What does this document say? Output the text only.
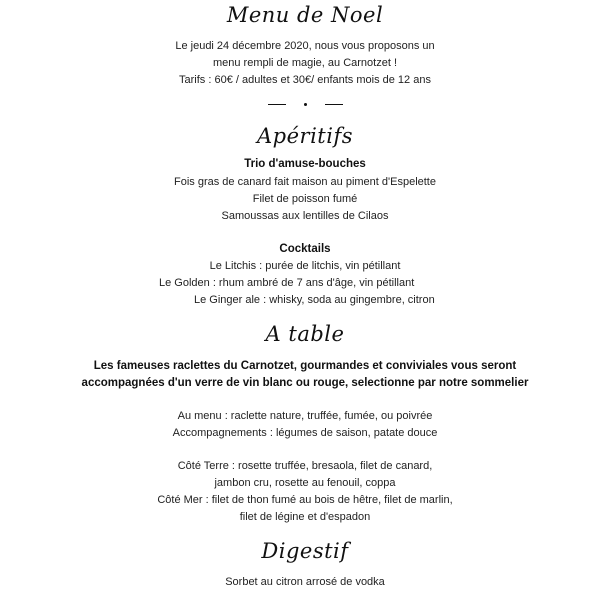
Menu de Noel
Le jeudi 24 décembre 2020, nous vous proposons un
menu rempli de magie, au Carnotzet !
Tarifs : 60€ / adultes et 30€/ enfants mois de 12 ans
Apéritifs
Trio d'amuse-bouches
Fois gras de canard fait maison au piment d'Espelette
Filet de poisson fumé
Samoussas aux lentilles de Cilaos
Cocktails
Le Litchis : purée de litchis, vin pétillant
Le Golden : rhum ambré de 7 ans d'âge, vin pétillant
Le Ginger ale : whisky, soda au gingembre, citron
A table
Les fameuses raclettes du Carnotzet, gourmandes et conviviales vous seront
accompagnées d'un verre de vin blanc ou rouge, selectionne par notre sommelier
Au menu : raclette nature, truffée, fumée, ou poivrée
Accompagnements : légumes de saison, patate douce
Côté Terre : rosette truffée, bresaola, filet de canard,
jambon cru, rosette au fenouil, coppa
Côté Mer : filet de thon fumé au bois de hêtre, filet de marlin,
filet de légine et d'espadon
Digestif
Sorbet au citron arrosé de vodka
